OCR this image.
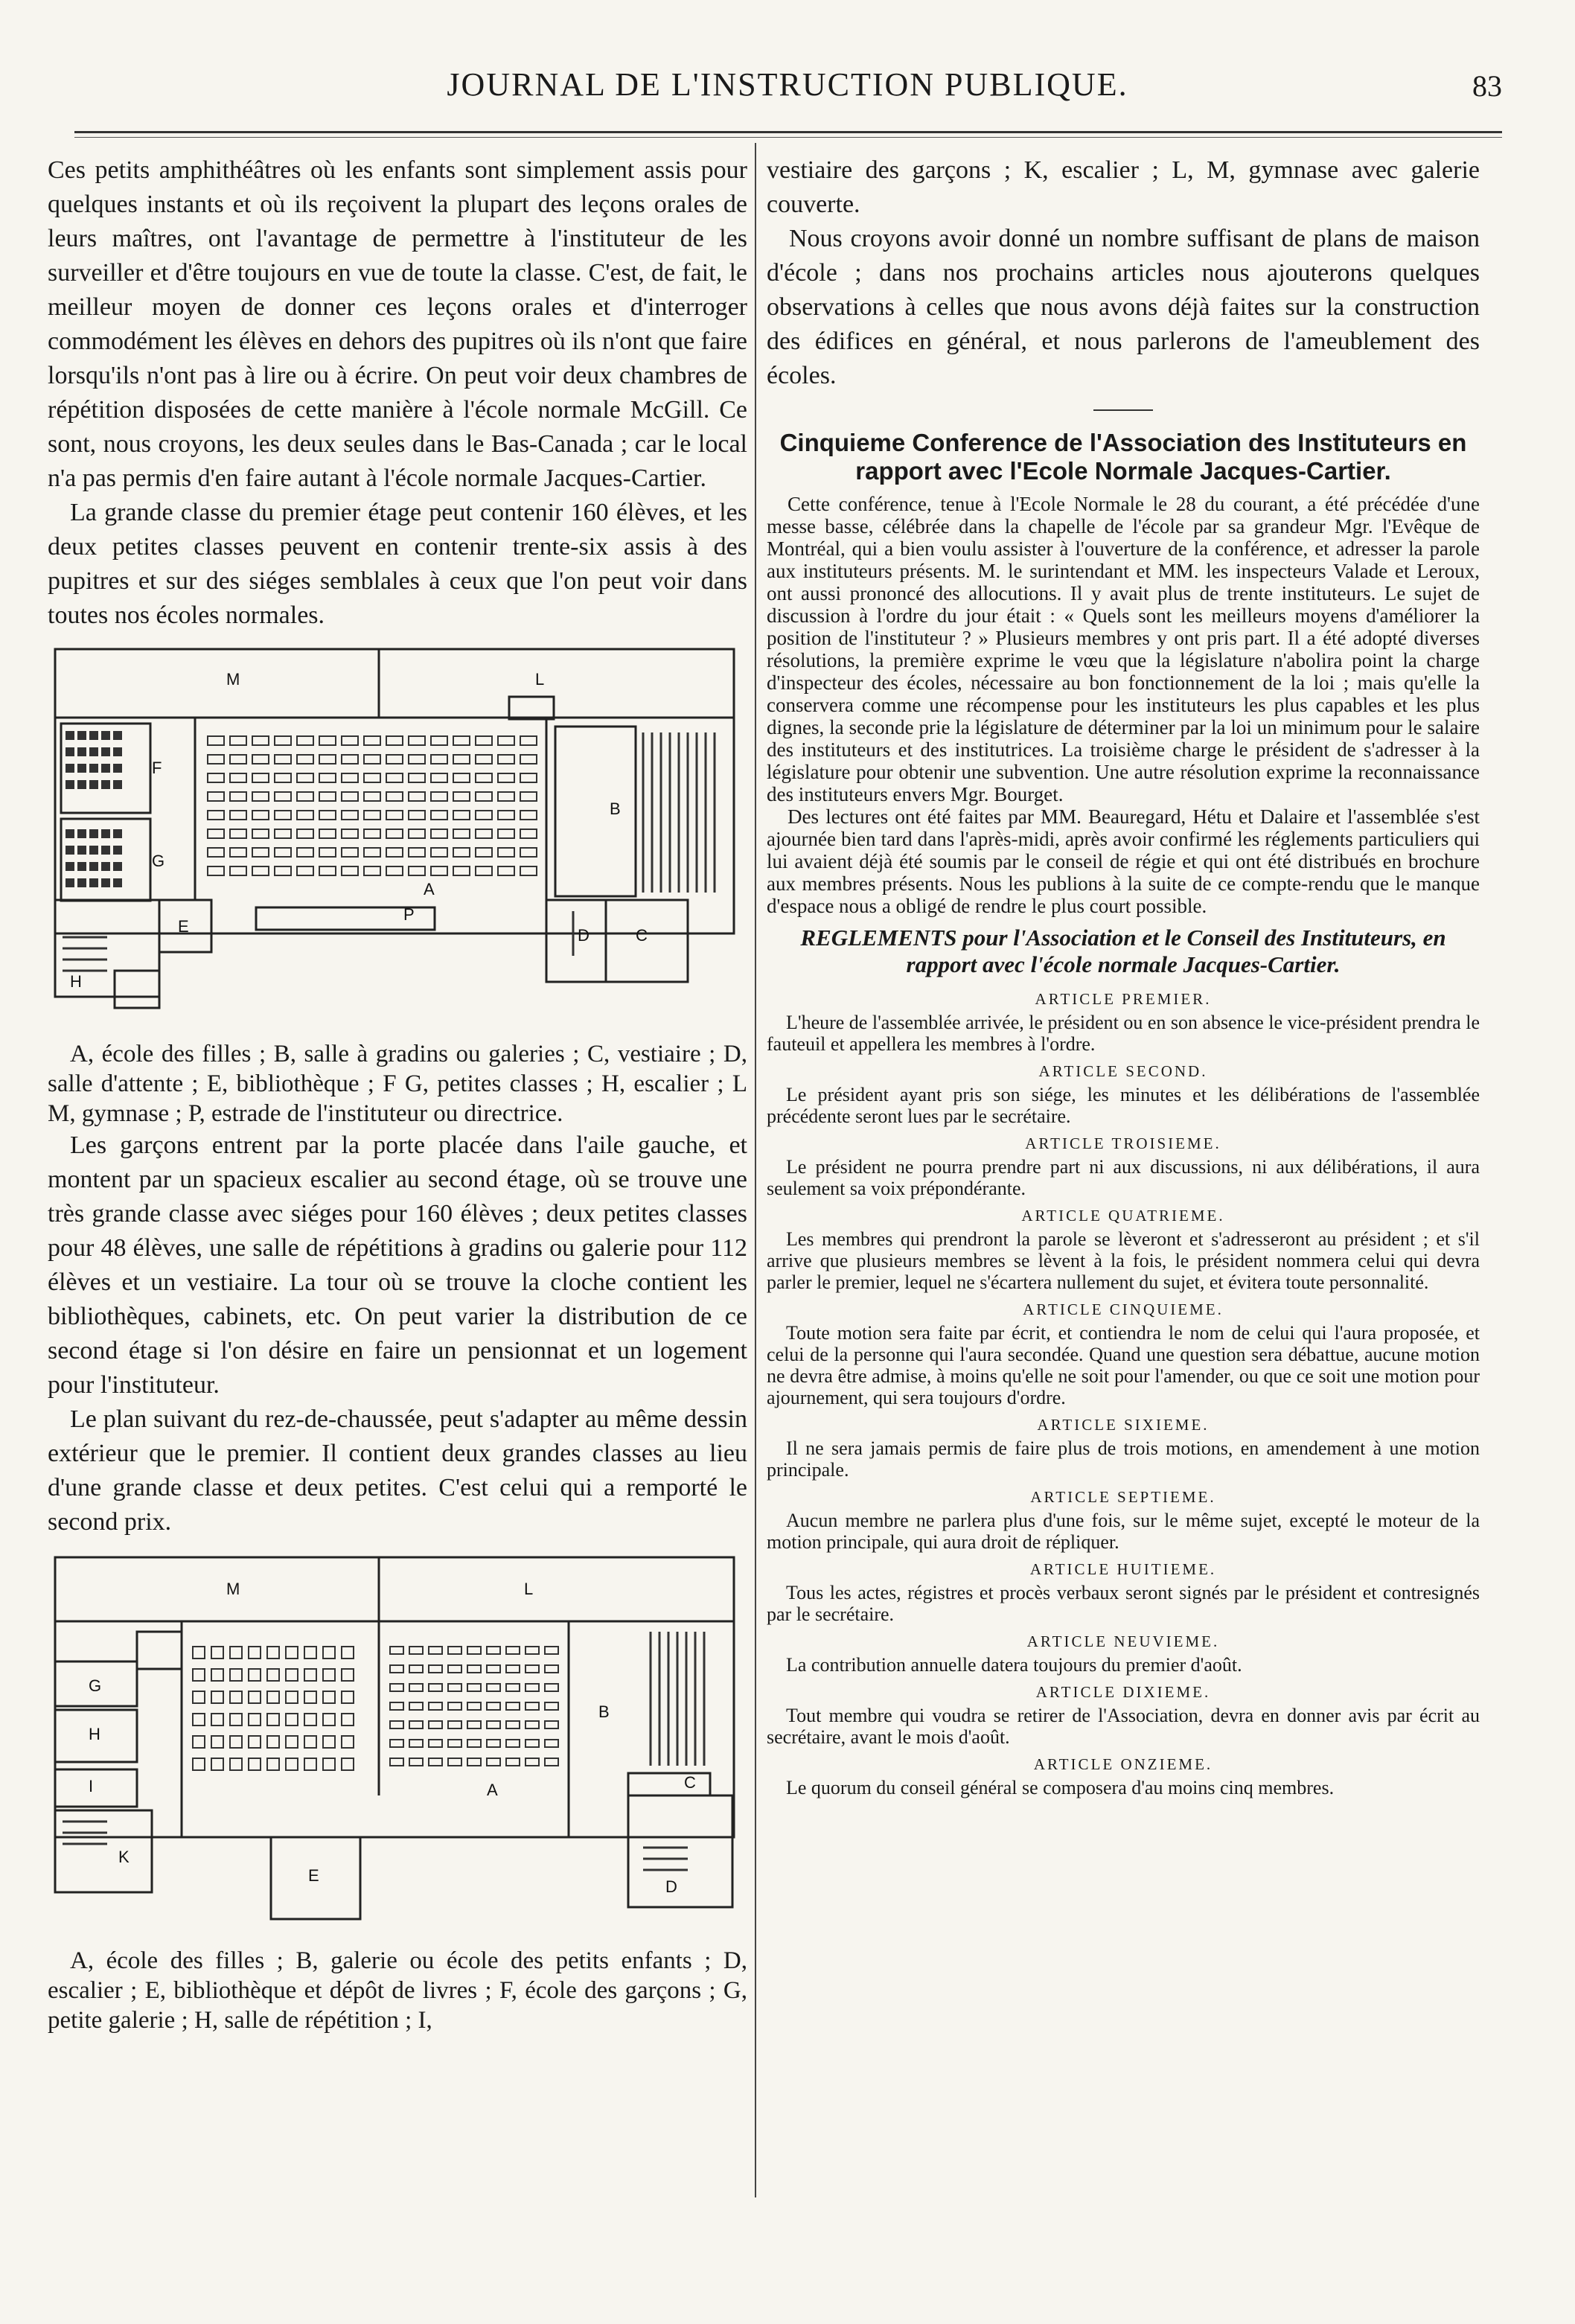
JOURNAL DE L'INSTRUCTION PUBLIQUE.	83

Ces petits amphithéâtres où les enfants sont simplement assis pour quelques instants et où ils reçoivent la plupart des leçons orales de leurs maîtres, ont l'avantage de permettre à l'instituteur de les surveiller et d'être toujours en vue de toute la classe. C'est, de fait, le meilleur moyen de donner ces leçons orales et d'interroger commodément les élèves en dehors des pupitres où ils n'ont que faire lorsqu'ils n'ont pas à lire ou à écrire. On peut voir deux chambres de répétition disposées de cette manière à l'école normale McGill. Ce sont, nous croyons, les deux seules dans le Bas-Canada ; car le local n'a pas permis d'en faire autant à l'école normale Jacques-Cartier.

La grande classe du premier étage peut contenir 160 élèves, et les deux petites classes peuvent en contenir trente-six assis à des pupitres et sur des siéges semblales à ceux que l'on peut voir dans toutes nos écoles normales.

M	L
F
G
B
A
P
D	C
H
E

A, école des filles ; B, salle à gradins ou galeries ; C, vestiaire ; D, salle d'attente ; E, bibliothèque ; F G, petites classes ; H, escalier ; L M, gymnase ; P, estrade de l'instituteur ou directrice.

Les garçons entrent par la porte placée dans l'aile gauche, et montent par un spacieux escalier au second étage, où se trouve une très grande classe avec siéges pour 160 élèves ; deux petites classes pour 48 élèves, une salle de répétitions à gradins ou galerie pour 112 élèves et un vestiaire. La tour où se trouve la cloche contient les bibliothèques, cabinets, etc. On peut varier la distribution de ce second étage si l'on désire en faire un pensionnat et un logement pour l'instituteur.

Le plan suivant du rez-de-chaussée, peut s'adapter au même dessin extérieur que le premier. Il contient deux grandes classes au lieu d'une grande classe et deux petites. C'est celui qui a remporté le second prix.

M	L
G
H
I
K
B
A	C
E
D

A, école des filles ; B, galerie ou école des petits enfants ; D, escalier ; E, bibliothèque et dépôt de livres ; F, école des garçons ; G, petite galerie ; H, salle de répétition ; I,

vestiaire des garçons ; K, escalier ; L, M, gymnase avec galerie couverte.

Nous croyons avoir donné un nombre suffisant de plans de maison d'école ; dans nos prochains articles nous ajouterons quelques observations à celles que nous avons déjà faites sur la construction des édifices en général, et nous parlerons de l'ameublement des écoles.

Cinquieme Conference de l'Association des Instituteurs en rapport avec l'Ecole Normale Jacques-Cartier.

Cette conférence, tenue à l'Ecole Normale le 28 du courant, a été précédée d'une messe basse, célébrée dans la chapelle de l'école par sa grandeur Mgr. l'Evêque de Montréal, qui a bien voulu assister à l'ouverture de la conférence, et adresser la parole aux instituteurs présents. M. le surintendant et MM. les inspecteurs Valade et Leroux, ont aussi prononcé des allocutions. Il y avait plus de trente instituteurs. Le sujet de discussion à l'ordre du jour était : « Quels sont les meilleurs moyens d'améliorer la position de l'instituteur ? » Plusieurs membres y ont pris part. Il a été adopté diverses résolutions, la première exprime le vœu que la législature n'abolira point la charge d'inspecteur des écoles, nécessaire au bon fonctionnement de la loi ; mais qu'elle la conservera comme une récompense pour les instituteurs les plus capables et les plus dignes, la seconde prie la législature de déterminer par la loi un minimum pour le salaire des instituteurs et des institutrices. La troisième charge le président de s'adresser à la législature pour obtenir une subvention. Une autre résolution exprime la reconnaissance des instituteurs envers Mgr. Bourget.

Des lectures ont été faites par MM. Beauregard, Hétu et Dalaire et l'assemblée s'est ajournée bien tard dans l'après-midi, après avoir confirmé les réglements particuliers qui lui avaient déjà été soumis par le conseil de régie et qui ont été distribués en brochure aux membres présents. Nous les publions à la suite de ce compte-rendu que le manque d'espace nous a obligé de rendre le plus court possible.

REGLEMENTS pour l'Association et le Conseil des Instituteurs, en rapport avec l'école normale Jacques-Cartier.
ARTICLE PREMIER.

L'heure de l'assemblée arrivée, le président ou en son absence le vice-président prendra le fauteuil et appellera les membres à l'ordre.

ARTICLE SECOND.

Le président ayant pris son siége, les minutes et les délibérations de l'assemblée précédente seront lues par le secrétaire.

ARTICLE TROISIEME.

Le président ne pourra prendre part ni aux discussions, ni aux délibérations, il aura seulement sa voix prépondérante.

ARTICLE QUATRIEME.

Les membres qui prendront la parole se lèveront et s'adresseront au président ; et s'il arrive que plusieurs membres se lèvent à la fois, le président nommera celui qui devra parler le premier, lequel ne s'écartera nullement du sujet, et évitera toute personnalité.

ARTICLE CINQUIEME.

Toute motion sera faite par écrit, et contiendra le nom de celui qui l'aura proposée, et celui de la personne qui l'aura secondée. Quand une question sera débattue, aucune motion ne devra être admise, à moins qu'elle ne soit pour l'amender, ou que ce soit une motion pour ajournement, qui sera toujours d'ordre.

ARTICLE SIXIEME.

Il ne sera jamais permis de faire plus de trois motions, en amendement à une motion principale.

ARTICLE SEPTIEME.

Aucun membre ne parlera plus d'une fois, sur le même sujet, excepté le moteur de la motion principale, qui aura droit de répliquer.

ARTICLE HUITIEME.

Tous les actes, régistres et procès verbaux seront signés par le président et contresignés par le secrétaire.

ARTICLE NEUVIEME.

La contribution annuelle datera toujours du premier d'août.

ARTICLE DIXIEME.

Tout membre qui voudra se retirer de l'Association, devra en donner avis par écrit au secrétaire, avant le mois d'août.

ARTICLE ONZIEME.

Le quorum du conseil général se composera d'au moins cinq membres.
